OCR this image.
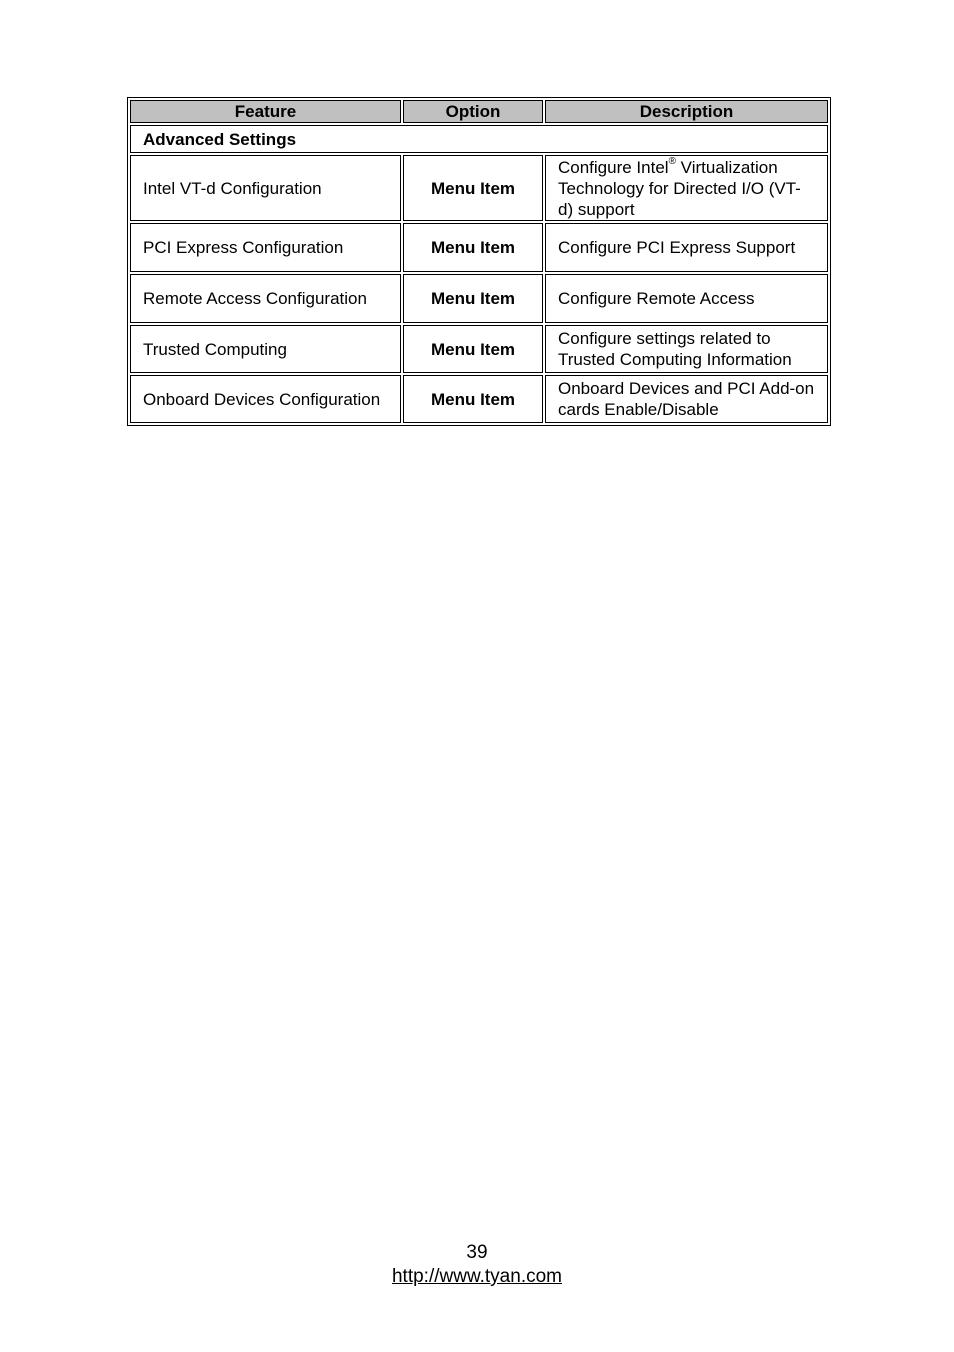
Feature	Option	Description
Advanced Settings		
Intel VT-d Configuration	Menu Item	Configure Intel® Virtualization Technology for Directed I/O (VT-d) support
PCI Express Configuration	Menu Item	Configure PCI Express Support
Remote Access Configuration	Menu Item	Configure Remote Access
Trusted Computing	Menu Item	Configure settings related to Trusted Computing Information
Onboard Devices Configuration	Menu Item	Onboard Devices and PCI Add-on cards Enable/Disable
39
http://www.tyan.com
